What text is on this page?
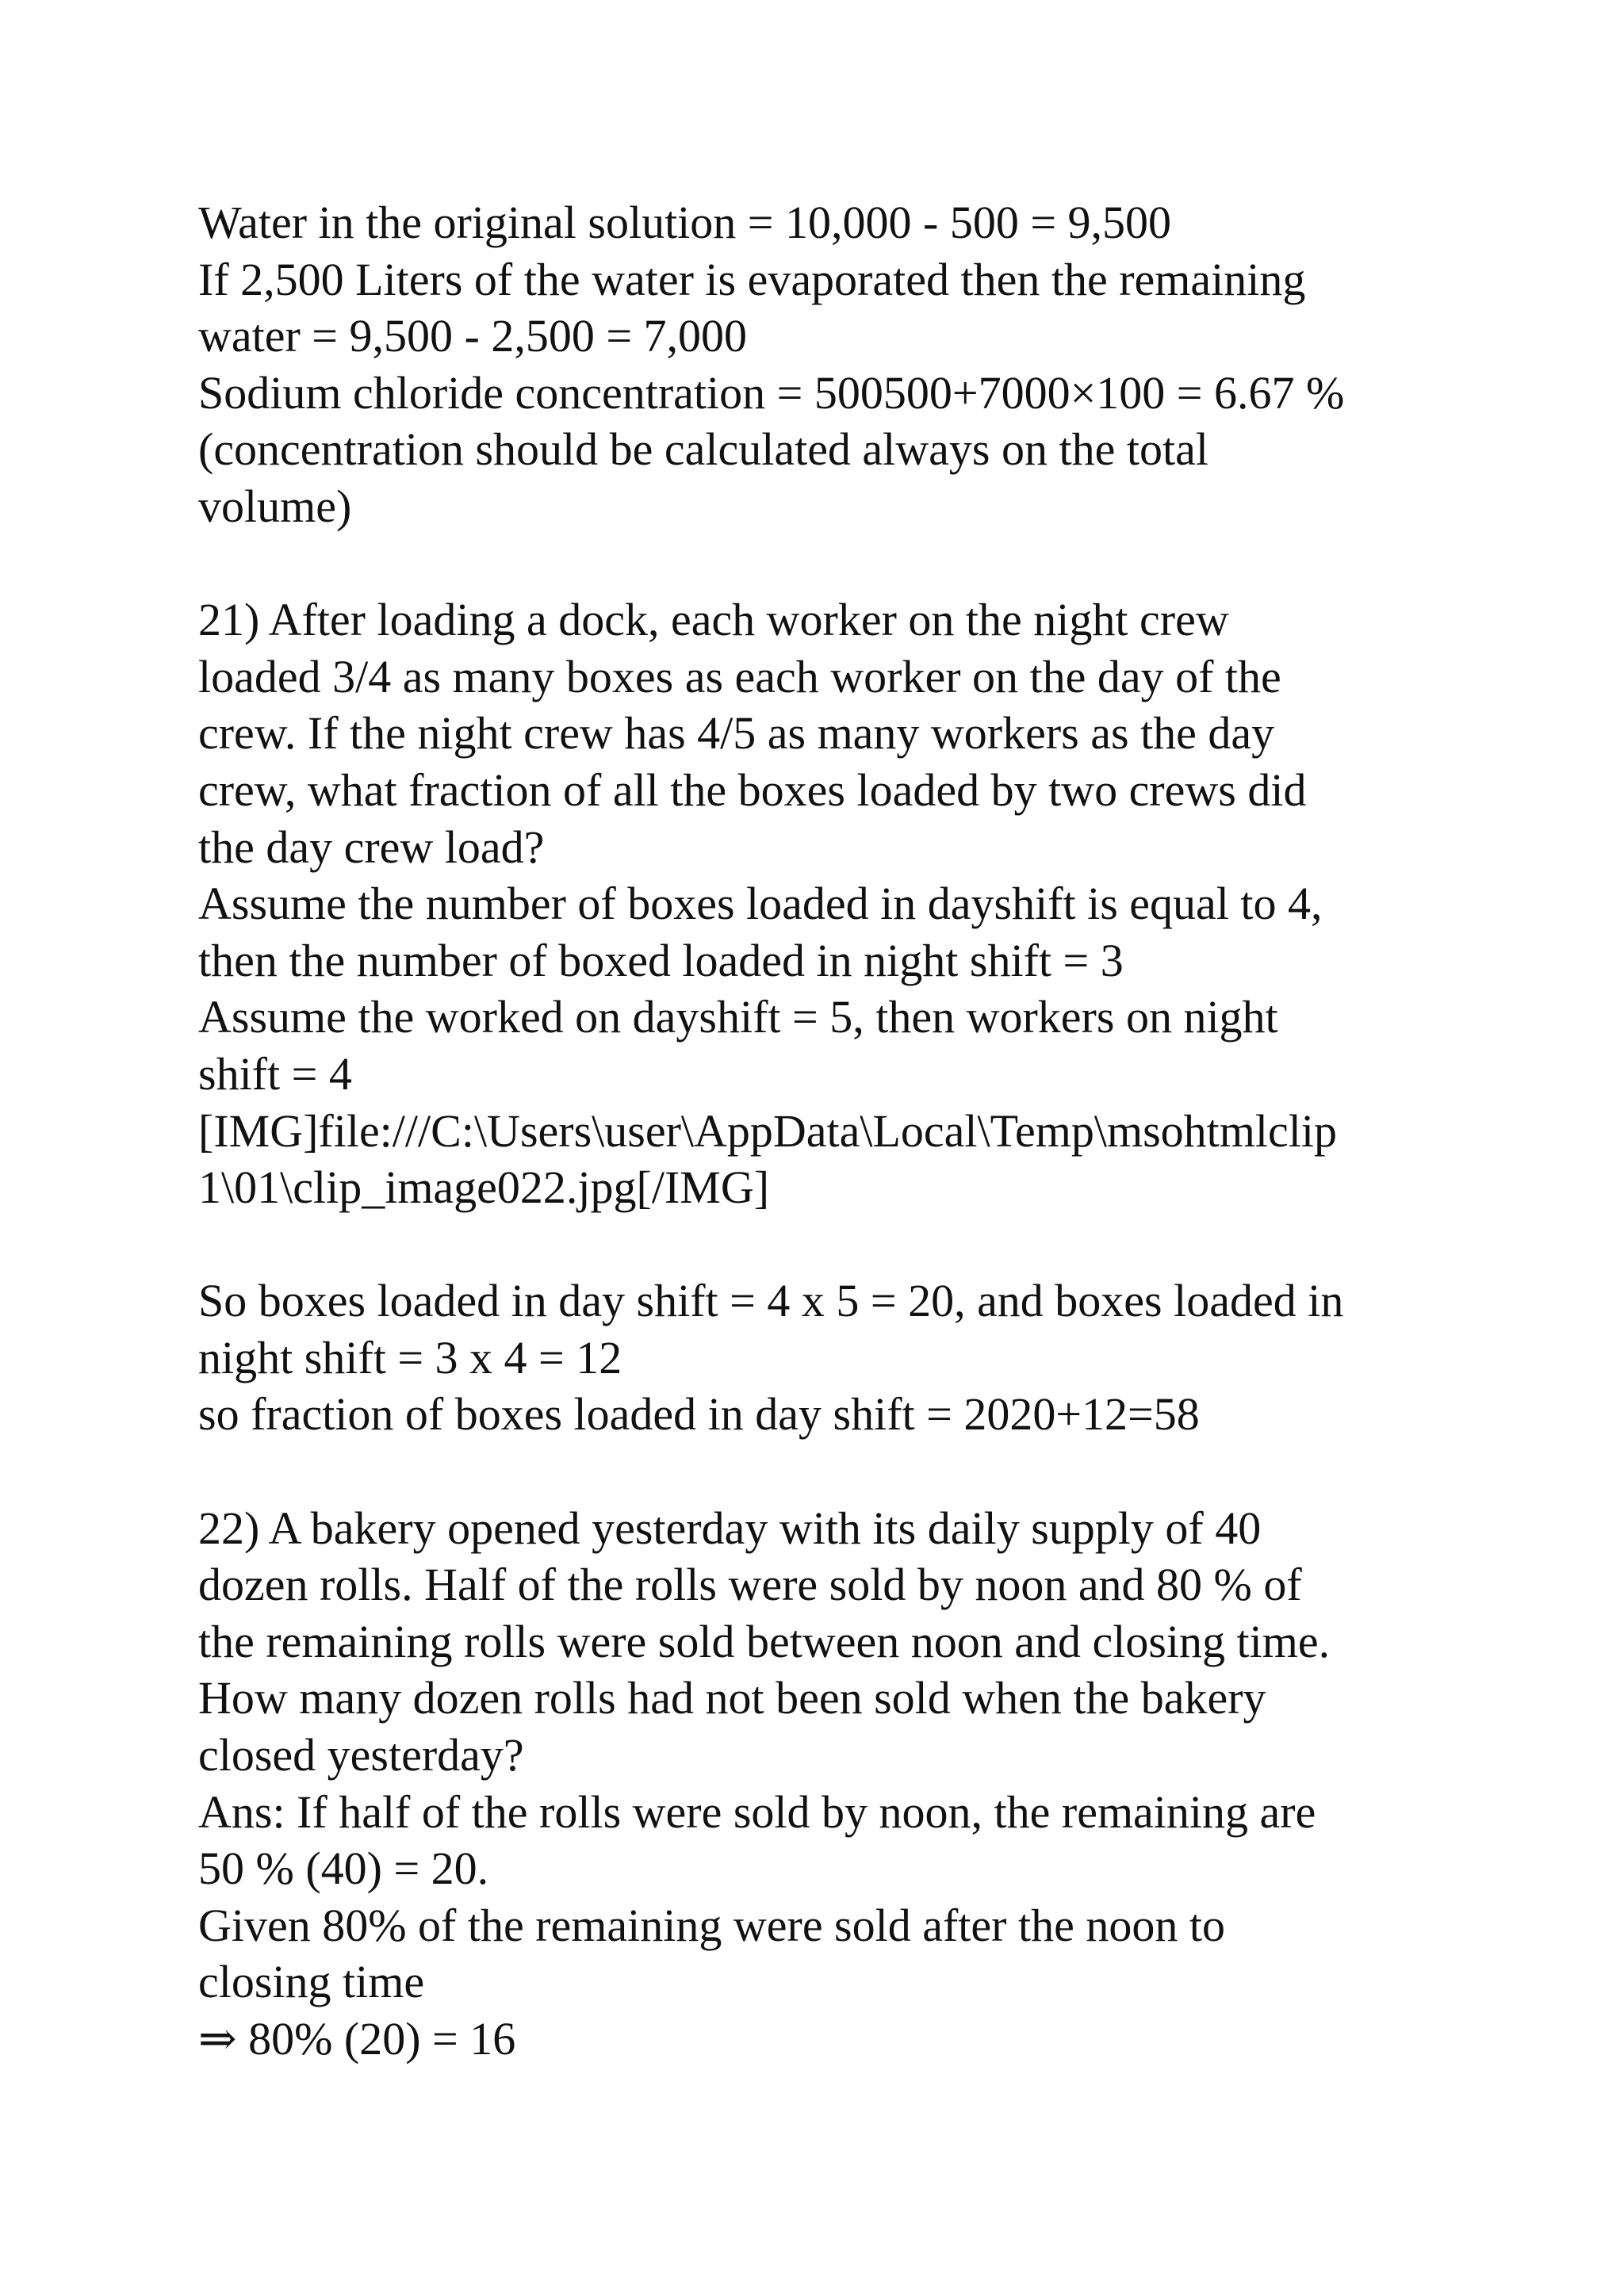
Water in the original solution = 10,000 - 500 = 9,500
If 2,500 Liters of the water is evaporated then the remaining
water = 9,500 - 2,500 = 7,000
Sodium chloride concentration = 500500+7000×100 = 6.67 %
(concentration should be calculated always on the total
volume)
21) After loading a dock, each worker on the night crew
loaded 3/4 as many boxes as each worker on the day of the
crew. If the night crew has 4/5 as many workers as the day
crew, what fraction of all the boxes loaded by two crews did
the day crew load?
Assume the number of boxes loaded in dayshift is equal to 4,
then the number of boxed loaded in night shift = 3
Assume the worked on dayshift = 5, then workers on night
shift = 4
[IMG]file:///C:\Users\user\AppData\Local\Temp\msohtmlclip
1\01\clip_image022.jpg[/IMG]
So boxes loaded in day shift = 4 x 5 = 20, and boxes loaded in
night shift = 3 x 4 = 12
so fraction of boxes loaded in day shift = 2020+12=58
22) A bakery opened yesterday with its daily supply of 40
dozen rolls. Half of the rolls were sold by noon and 80 % of
the remaining rolls were sold between noon and closing time.
How many dozen rolls had not been sold when the bakery
closed yesterday?
Ans: If half of the rolls were sold by noon, the remaining are
50 % (40) = 20.
Given 80% of the remaining were sold after the noon to
closing time
⇒ 80% (20) = 16
